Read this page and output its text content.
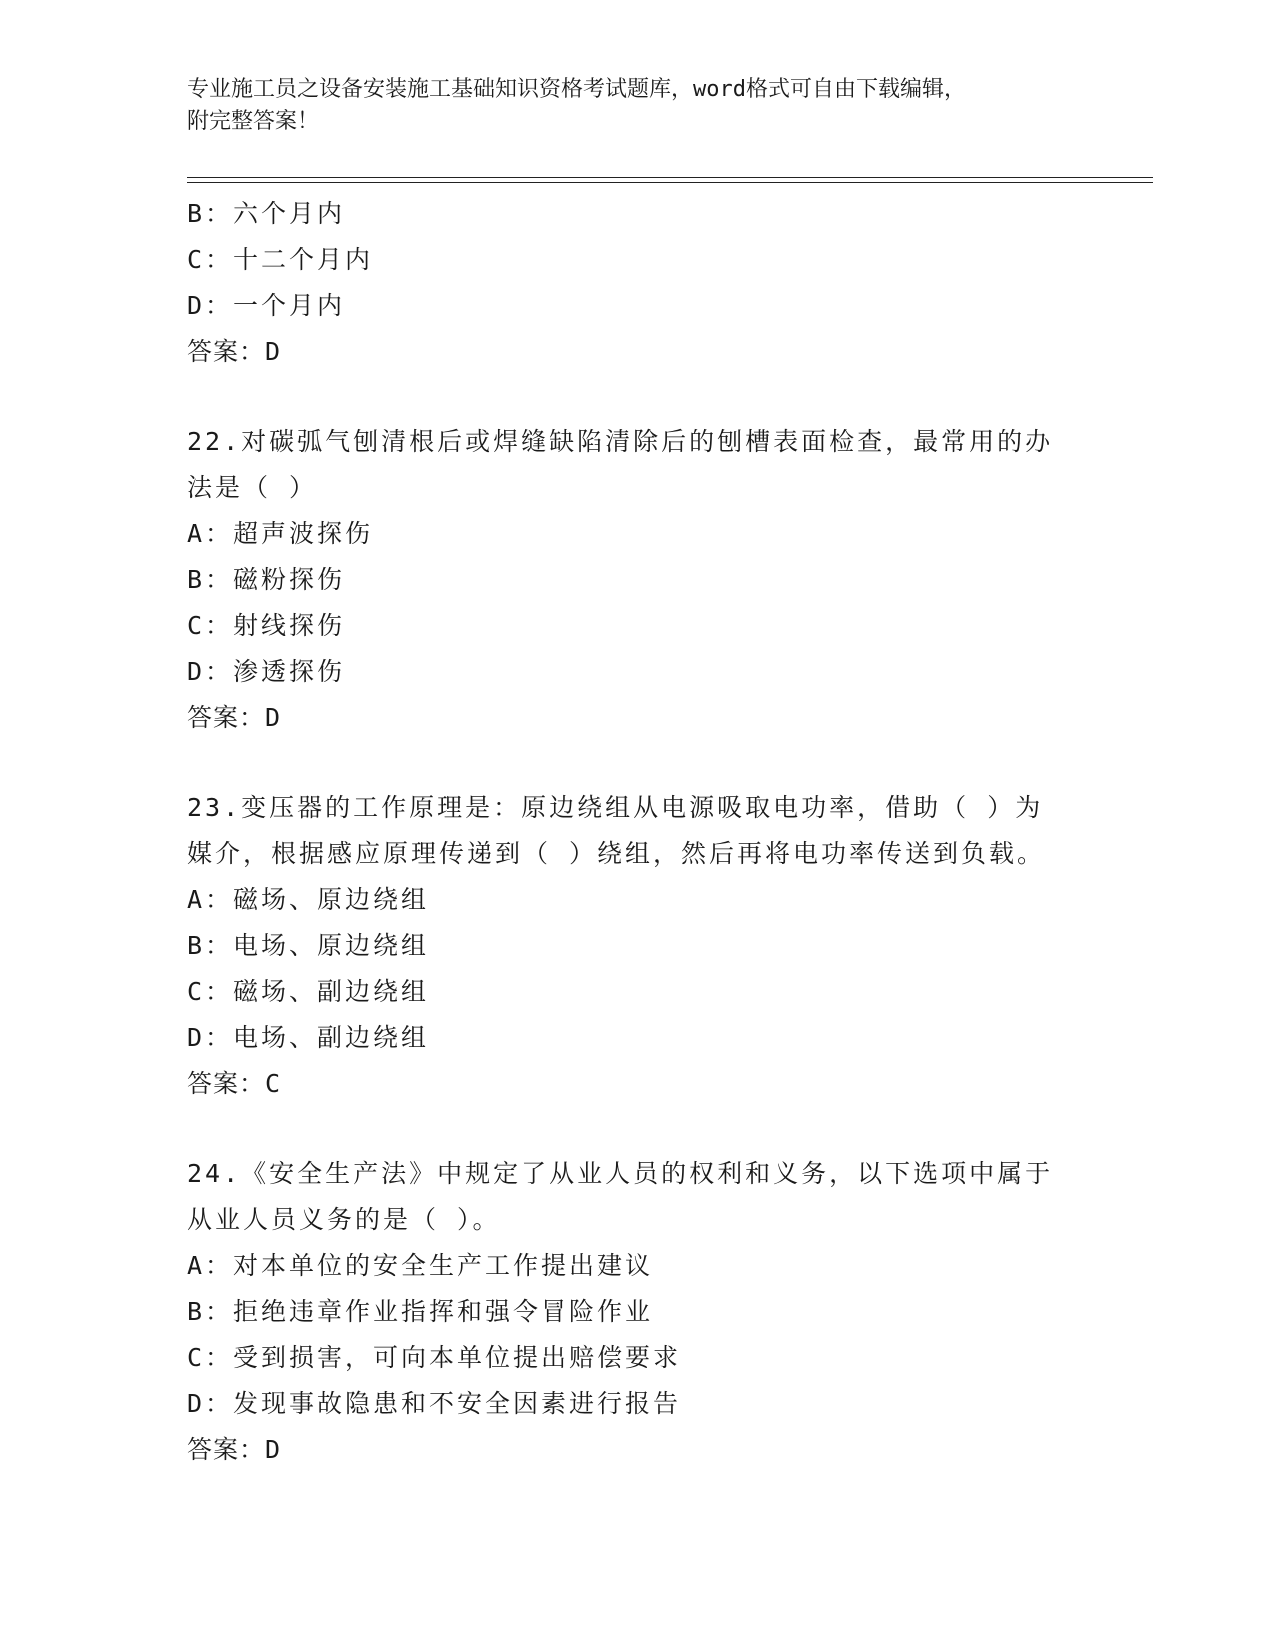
专业施工员之设备安装施工基础知识资格考试题库，word格式可自由下载编辑，
附完整答案！
B：六个月内
C：十二个月内
D：一个月内
答案：D
22.对碳弧气刨清根后或焊缝缺陷清除后的刨槽表面检查，最常用的办
法是（ ）
A：超声波探伤
B：磁粉探伤
C：射线探伤
D：渗透探伤
答案：D
23.变压器的工作原理是：原边绕组从电源吸取电功率，借助（ ）为
媒介，根据感应原理传递到（ ）绕组，然后再将电功率传送到负载。
A：磁场、原边绕组
B：电场、原边绕组
C：磁场、副边绕组
D：电场、副边绕组
答案：C
24.《安全生产法》中规定了从业人员的权利和义务，以下选项中属于
从业人员义务的是（ ）。
A：对本单位的安全生产工作提出建议
B：拒绝违章作业指挥和强令冒险作业
C：受到损害，可向本单位提出赔偿要求
D：发现事故隐患和不安全因素进行报告
答案：D
